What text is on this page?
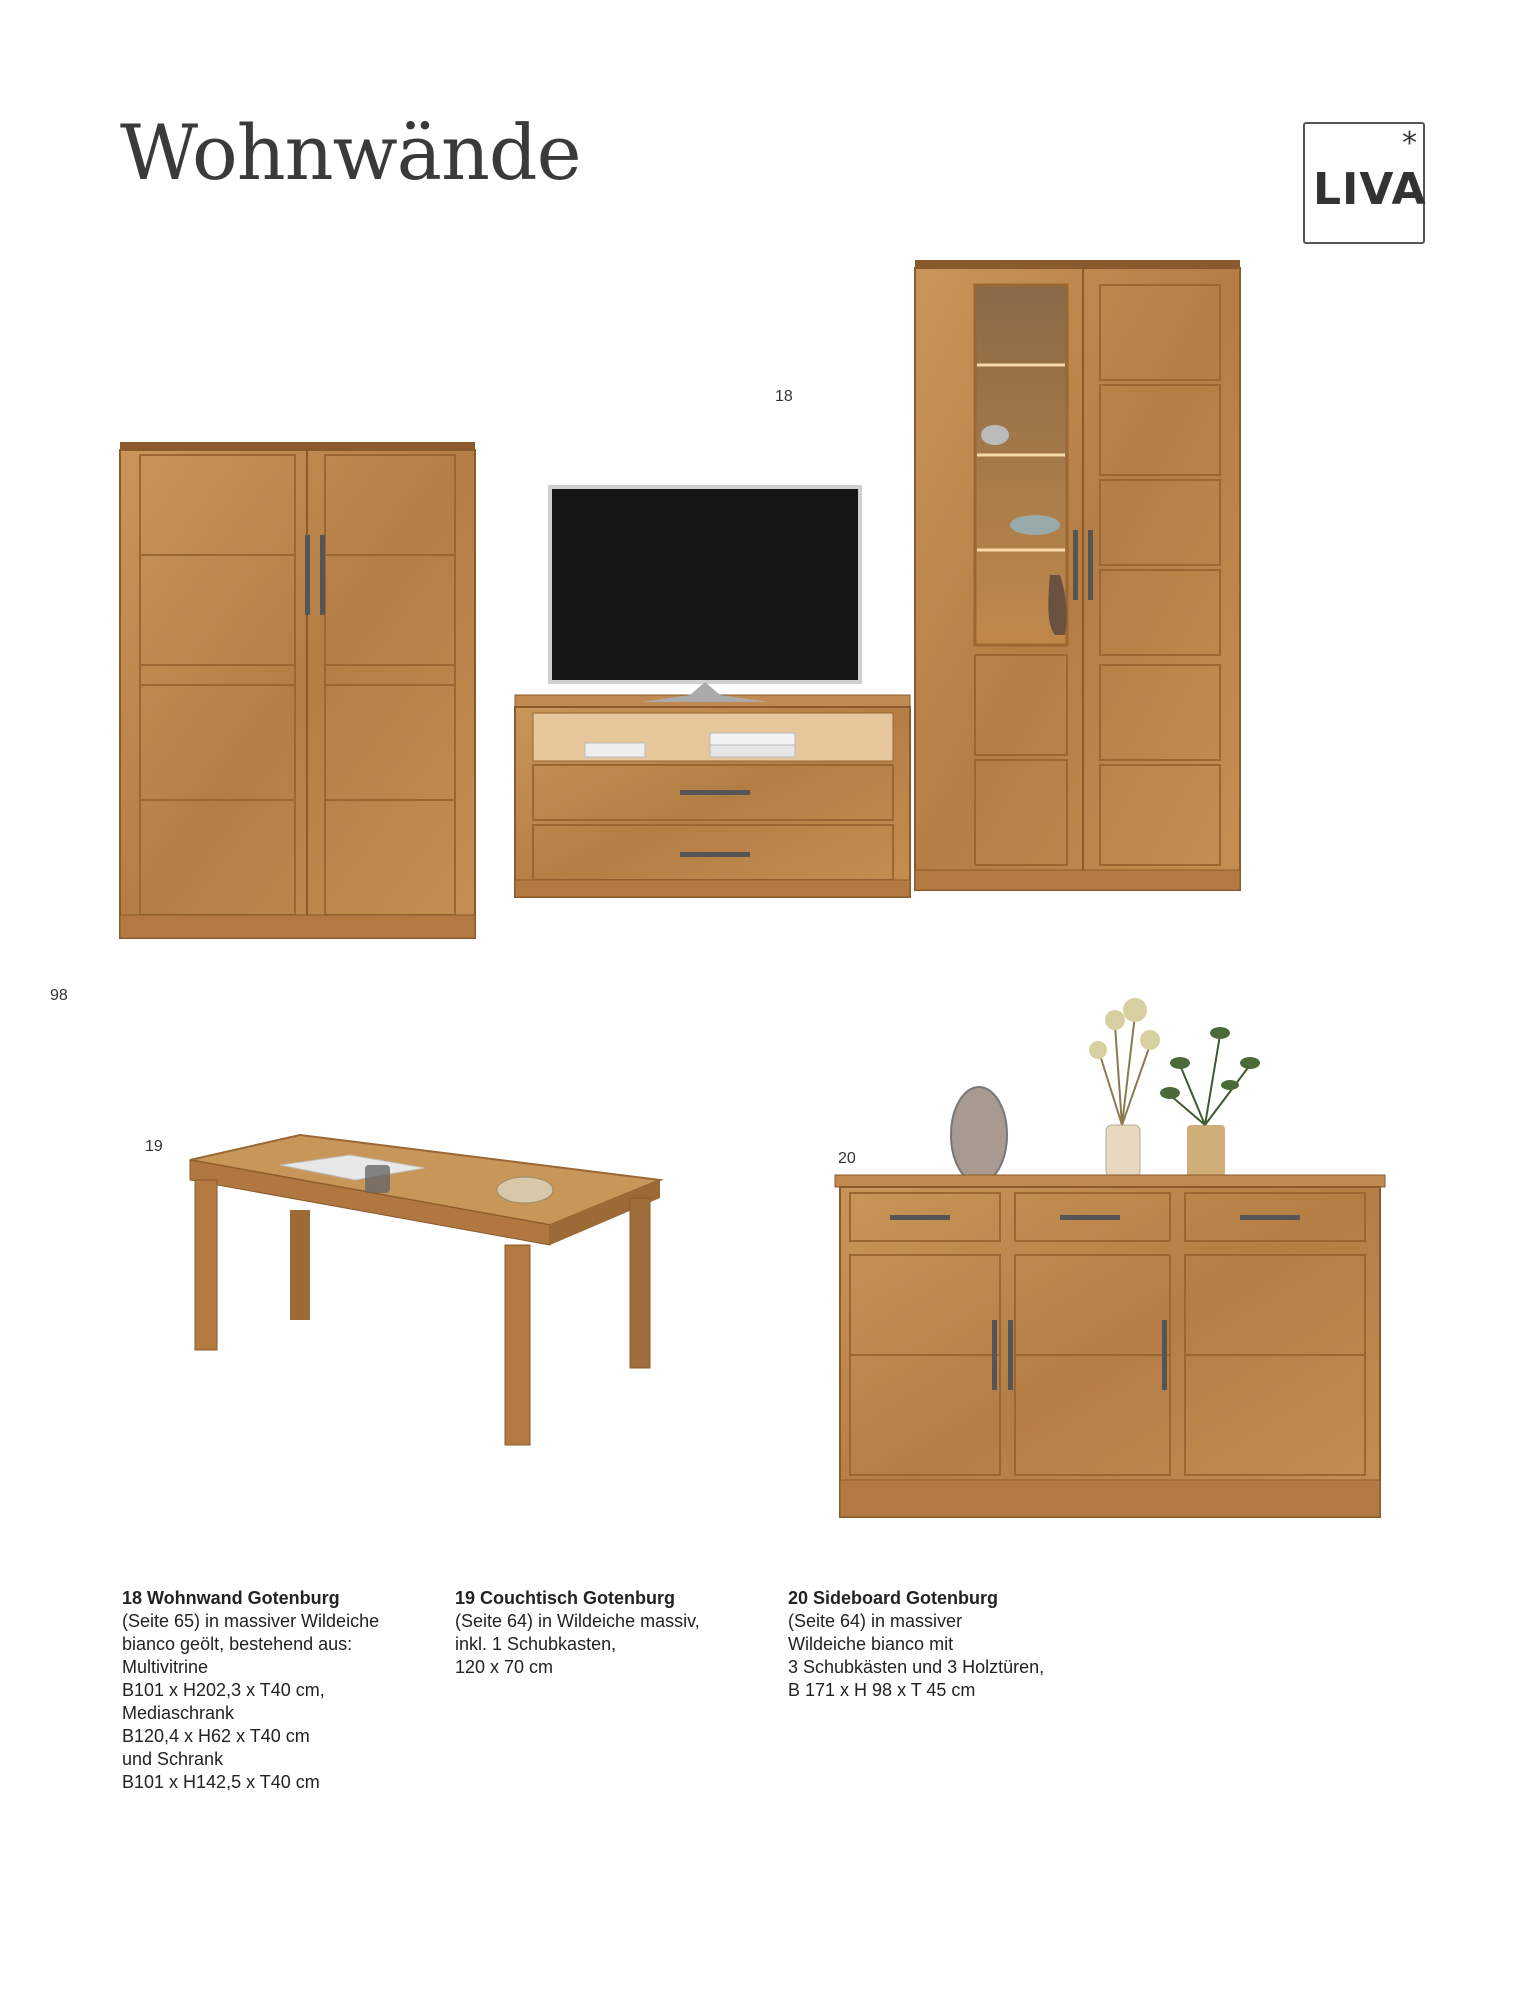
Wohnwände	*
LIVA
98
18
19
20
18 Wohnwand Gotenburg
(Seite 65) in massiver Wildeiche
bianco geölt, bestehend aus:
Multivitrine
B101 x H202,3 x T40 cm,
Mediaschrank
B120,4 x H62 x T40 cm
und Schrank
B101 x H142,5 x T40 cm
19 Couchtisch Gotenburg
(Seite 64) in Wildeiche massiv,
inkl. 1 Schubkasten,
120 x 70 cm
20 Sideboard Gotenburg
(Seite 64) in massiver
Wildeiche bianco mit
3 Schubkästen und 3 Holztüren,
B 171 x H 98 x T 45 cm
